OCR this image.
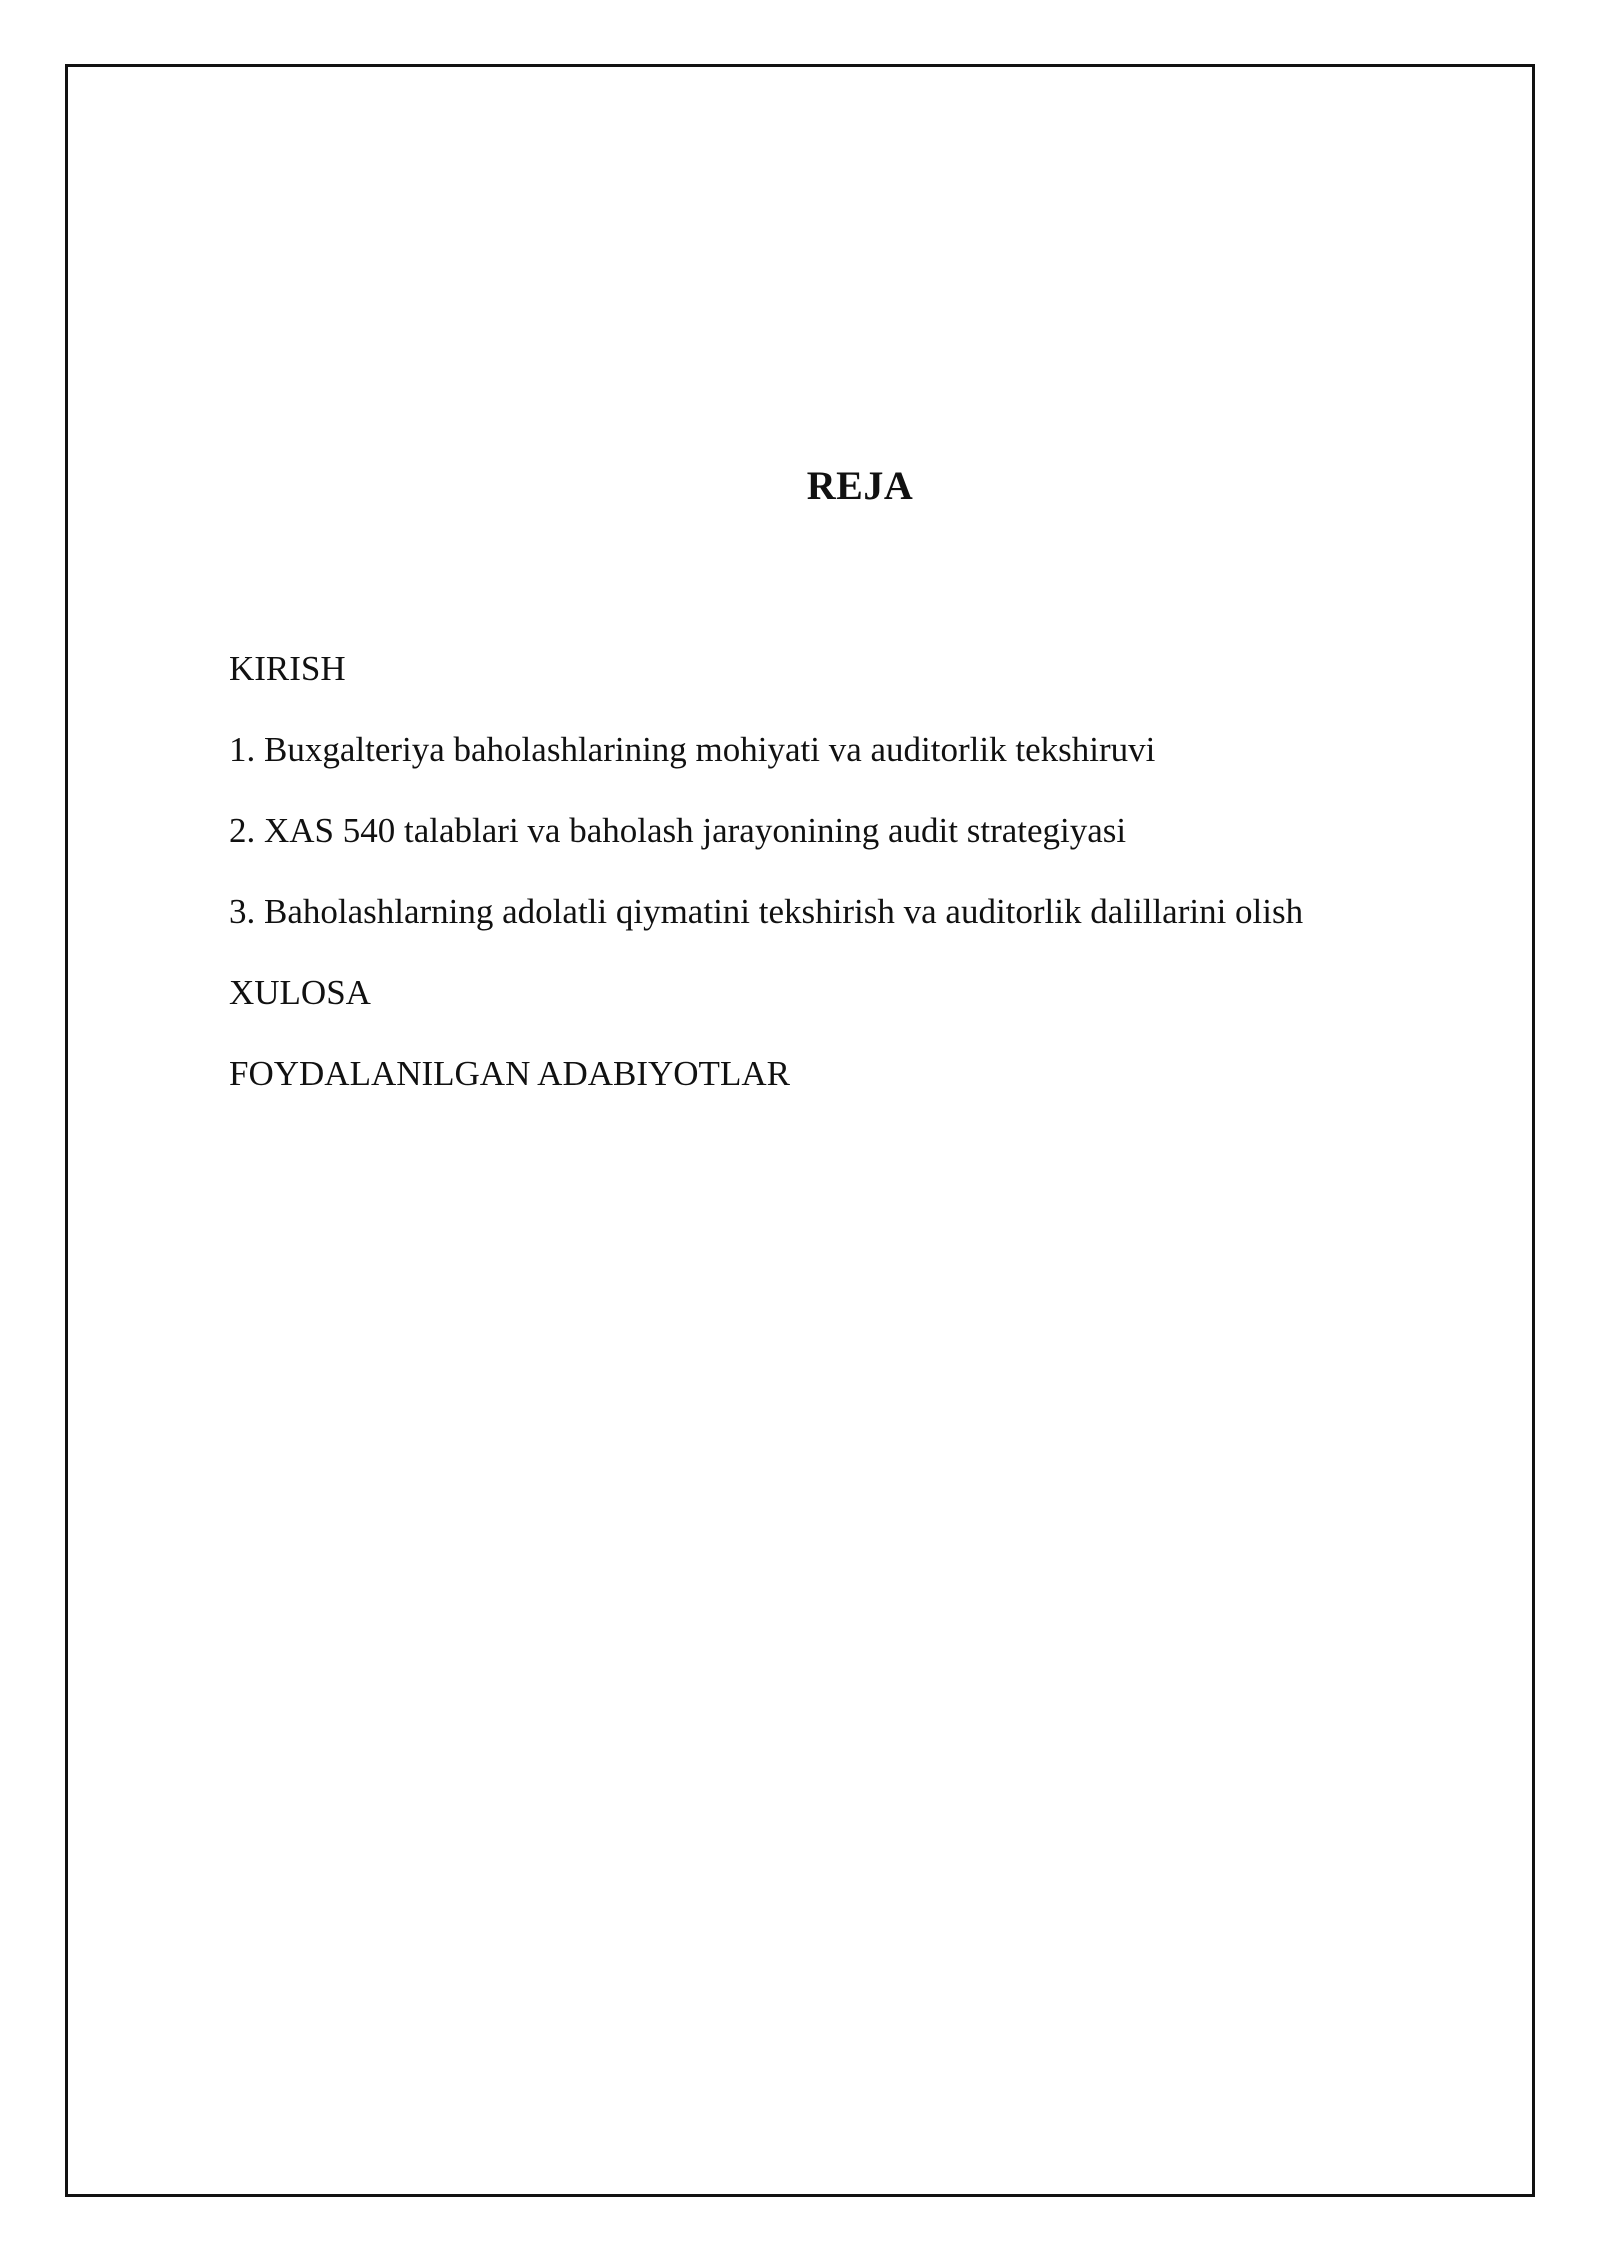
REJA
KIRISH
1. Buxgalteriya baholashlarining mohiyati va auditorlik tekshiruvi
2. XAS 540 talablari va baholash jarayonining audit strategiyasi
3. Baholashlarning adolatli qiymatini tekshirish va auditorlik dalillarini olish
XULOSA
FOYDALANILGAN ADABIYOTLAR
